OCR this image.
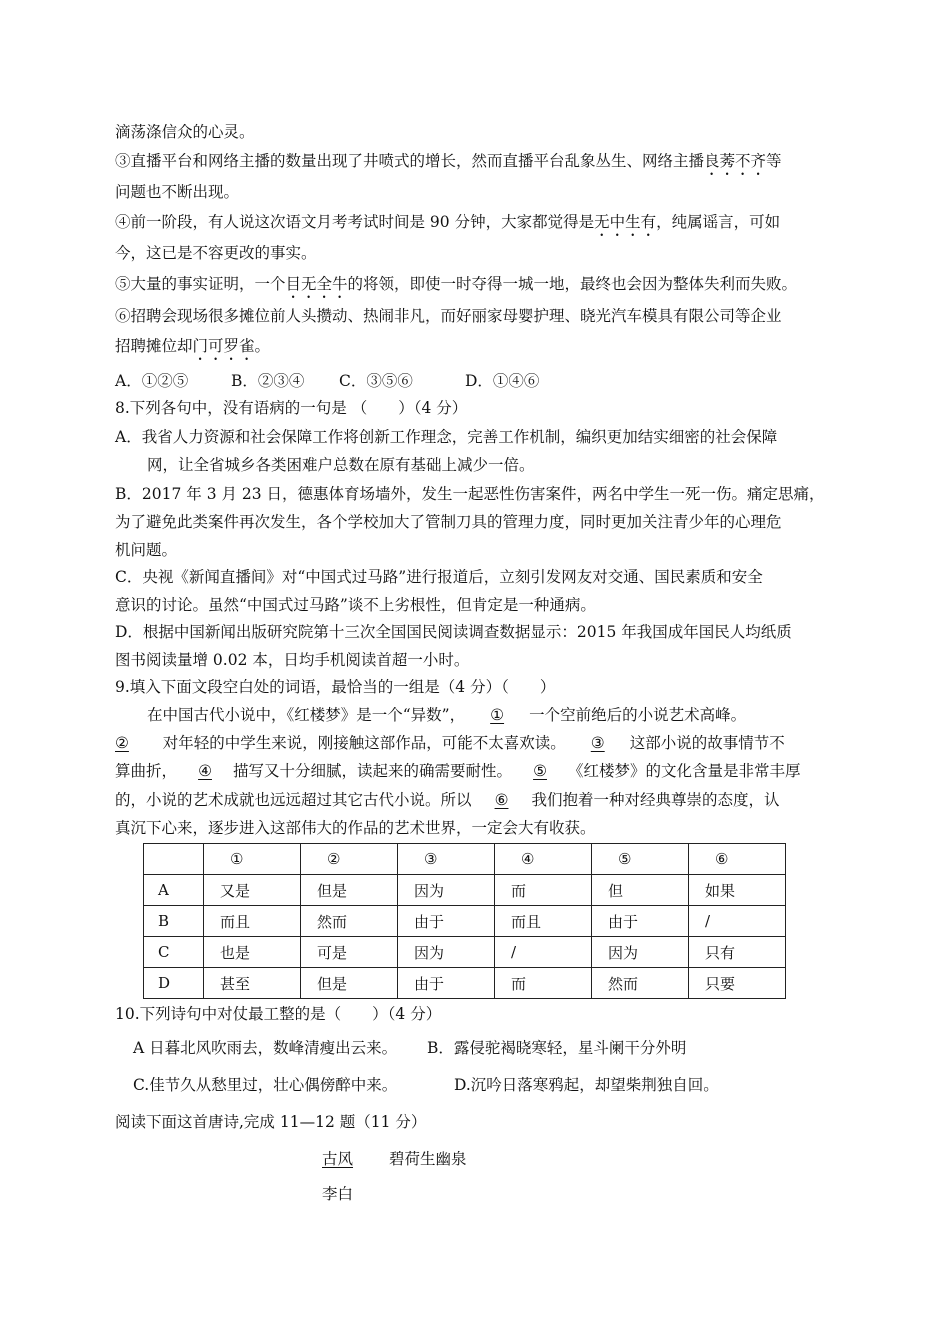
滴荡涤信众的心灵。
③直播平台和网络主播的数量出现了井喷式的增长，然而直播平台乱象丛生、网络主播良莠不齐等
问题也不断出现。
④前一阶段，有人说这次语文月考考试时间是 90 分钟，大家都觉得是无中生有，纯属谣言，可如
今，这已是不容更改的事实。
⑤大量的事实证明，一个目无全牛的将领，即使一时夺得一城一地，最终也会因为整体失利而失败。
⑥招聘会现场很多摊位前人头攒动、热闹非凡，而好丽家母婴护理、晓光汽车模具有限公司等企业
招聘摊位却门可罗雀。
A．①②⑤	B．②③④ C．③⑤⑥	D．①④⑥
8.下列各句中，没有语病的一句是 （　　）（4 分）
A．我省人力资源和社会保障工作将创新工作理念，完善工作机制，编织更加结实细密的社会保障
网，让全省城乡各类困难户总数在原有基础上减少一倍。
B．2017 年 3 月 23 日，德惠体育场墙外，发生一起恶性伤害案件，两名中学生一死一伤。痛定思痛，
为了避免此类案件再次发生，各个学校加大了管制刀具的管理力度，同时更加关注青少年的心理危
机问题。
C．央视《新闻直播间》对“中国式过马路”进行报道后，立刻引发网友对交通、国民素质和安全
意识的讨论。虽然“中国式过马路”谈不上劣根性，但肯定是一种通病。
D．根据中国新闻出版研究院第十三次全国国民阅读调查数据显示：2015 年我国成年国民人均纸质
图书阅读量增 0.02 本，日均手机阅读首超一小时。
9.填入下面文段空白处的词语，最恰当的一组是（4 分）（　　）
在中国古代小说中，《红楼梦》是一个“异数”， ① 一个空前绝后的小说艺术高峰。
② 对年轻的中学生来说，刚接触这部作品，可能不太喜欢读。 ③ 这部小说的故事情节不
算曲折， ④ 描写又十分细腻，读起来的确需要耐性。 ⑤ 《红楼梦》的文化含量是非常丰厚
的，小说的艺术成就也远远超过其它古代小说。所以 ⑥ 我们抱着一种对经典尊崇的态度，认
真沉下心来，逐步进入这部伟大的作品的艺术世界，一定会大有收获。
	①	②	③	④	⑤	⑥
A	又是	但是	因为	而	但	如果
B	而且	然而	由于	而且	由于	/
C	也是	可是	因为	/	因为	只有
D	甚至	但是	由于	而	然而	只要
10.下列诗句中对仗最工整的是（　　）（4 分）
A 日暮北风吹雨去，数峰清瘦出云来。 B．露侵驼褐晓寒轻，星斗阑干分外明
C.佳节久从愁里过，壮心偶傍醉中来。	D.沉吟日落寒鸦起，却望柴荆独自回。
阅读下面这首唐诗,完成 11—12 题（11 分）
古风 碧荷生幽泉
李白
